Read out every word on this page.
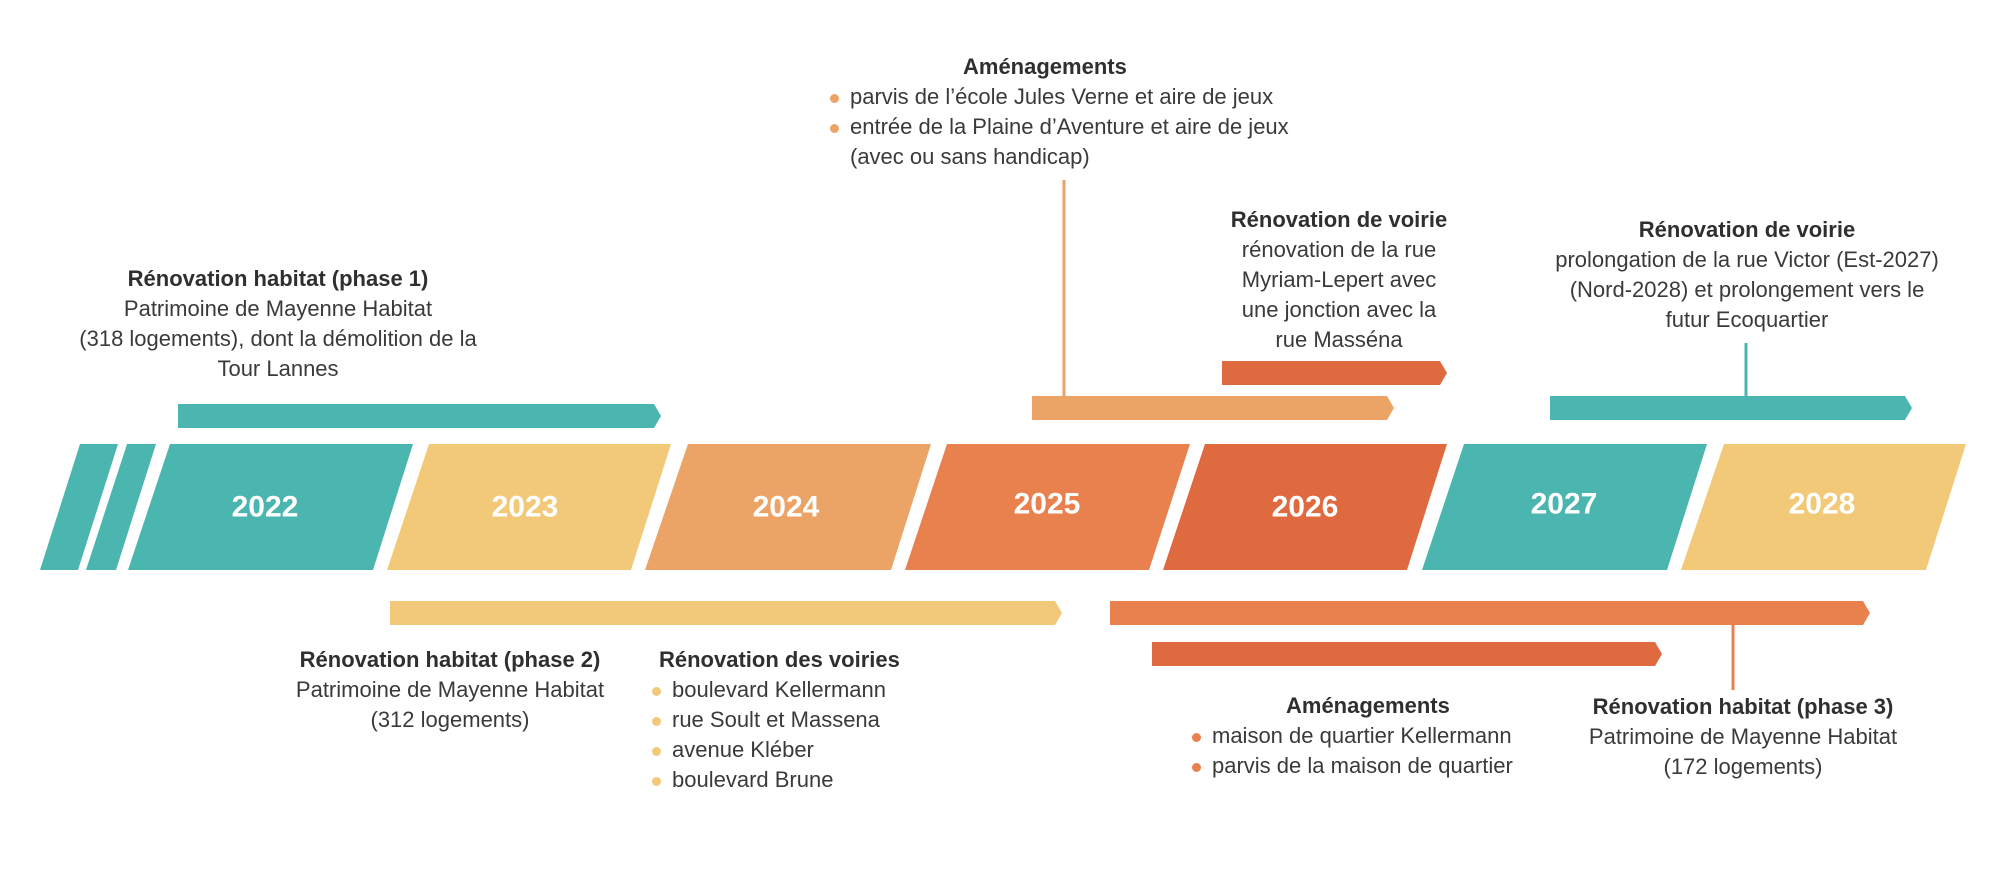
2022	2023	2024	2025	2026	2027	2028
Rénovation habitat (phase 1)
Patrimoine de Mayenne Habitat
(318 logements), dont la démolition de la
Tour Lannes
Aménagements
parvis de l’école Jules Verne et aire de jeux
entrée de la Plaine d’Aventure et aire de jeux
(avec ou sans handicap)
Rénovation de voirie
rénovation de la rue
Myriam-Lepert avec
une jonction avec la
rue Masséna
Rénovation de voirie
prolongation de la rue Victor (Est-2027)
(Nord-2028) et prolongement vers le
futur Ecoquartier
Rénovation habitat (phase 2)
Patrimoine de Mayenne Habitat
(312 logements)
Rénovation des voiries
boulevard Kellermann
rue Soult et Massena
avenue Kléber
boulevard Brune
Aménagements
maison de quartier Kellermann
parvis de la maison de quartier
Rénovation habitat (phase 3)
Patrimoine de Mayenne Habitat
(172 logements)
